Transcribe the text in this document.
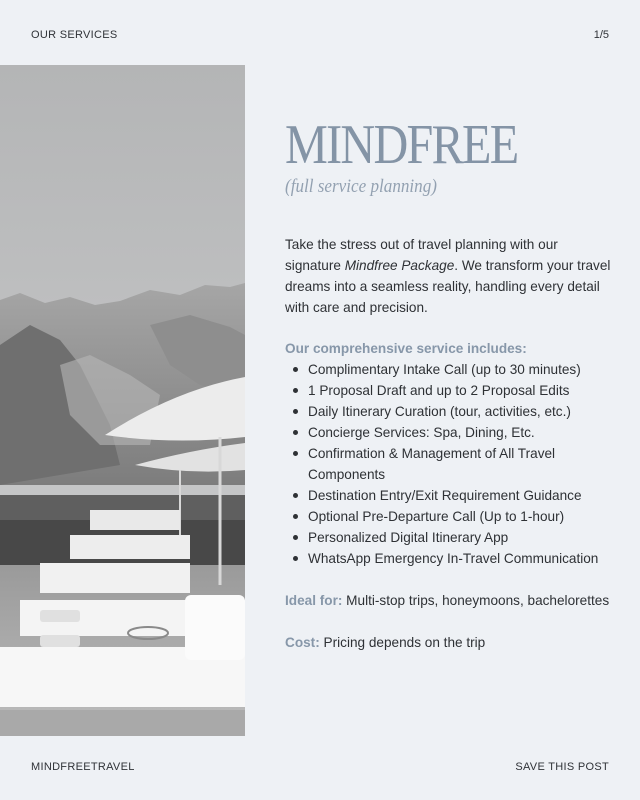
OUR SERVICES	1/5
MINDFREE
(full service planning)

Take the stress out of travel planning with our signature Mindfree Package. We transform your travel dreams into a seamless reality, handling every detail with care and precision.

Our comprehensive service includes:
Complimentary Intake Call (up to 30 minutes)
1 Proposal Draft and up to 2 Proposal Edits
Daily Itinerary Curation (tour, activities, etc.)
Concierge Services: Spa, Dining, Etc.
Confirmation & Management of All Travel Components
Destination Entry/Exit Requirement Guidance
Optional Pre-Departure Call (Up to 1-hour)
Personalized Digital Itinerary App
WhatsApp Emergency In-Travel Communication
Ideal for: Multi-stop trips, honeymoons, bachelorettes
Cost: Pricing depends on the trip
MINDFREETRAVEL	SAVE THIS POST
